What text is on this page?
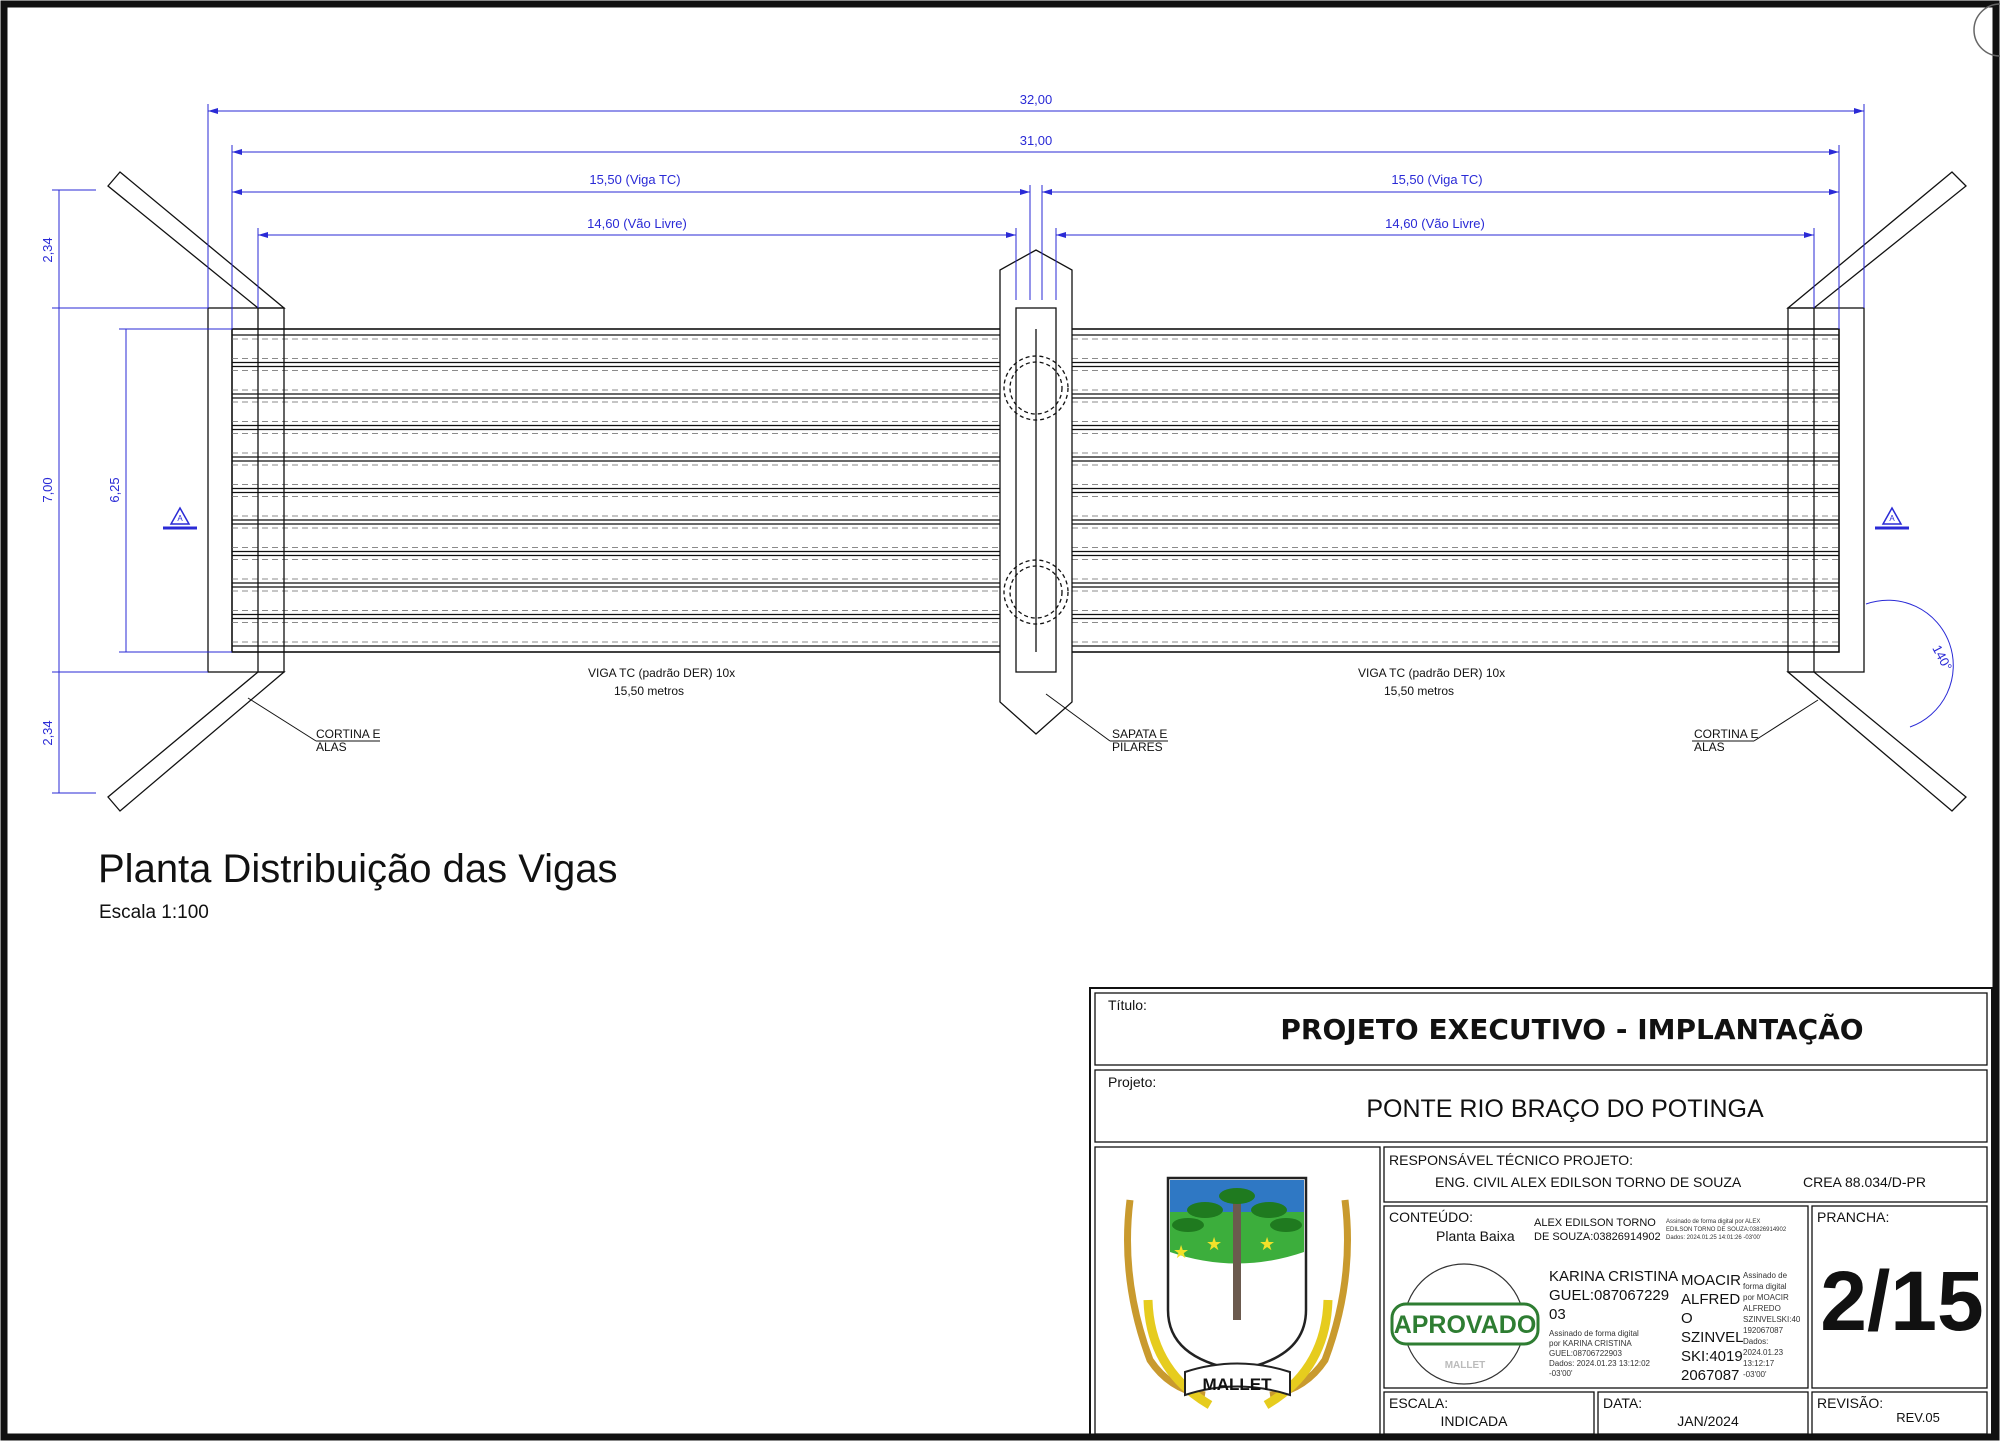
32,00
31,00
15,50 (Viga TC)	15,50 (Viga TC)
14,60 (Vão Livre)	14,60 (Vão Livre)
2,34
7,00	6,25
2,34
140°
A	A
VIGA TC (padrão DER) 10x
15,50 metros
VIGA TC (padrão DER) 10x
15,50 metros
CORTINA E
ALAS
SAPATA E
PILARES
CORTINA E
ALAS
Planta Distribuição das Vigas
Escala 1:100
Título:
PROJETO EXECUTIVO - IMPLANTAÇÃO
Projeto:
PONTE RIO BRAÇO DO POTINGA
RESPONSÁVEL TÉCNICO PROJETO:
ENG. CIVIL ALEX EDILSON TORNO DE SOUZA	CREA 88.034/D-PR
CONTEÚDO:
Planta Baixa
ALEX EDILSON TORNO
DE SOUZA:03826914902
Assinado de forma digital por ALEX
EDILSON TORNO DE SOUZA:03826914902
Dados: 2024.01.25 14:01:26 -03'00'
APROVADO
MALLET
KARINA CRISTINA
GUEL:087067229
03
Assinado de forma digital
por KARINA CRISTINA
GUEL:08706722903
Dados: 2024.01.23 13:12:02
-03'00'
MOACIR
ALFRED
O
SZINVEL
SKI:4019
2067087
Assinado de
forma digital
por MOACIR
ALFREDO
SZINVELSKI:40
192067087
Dados:
2024.01.23
13:12:17
-03'00'
PRANCHA:
2/15
ESCALA:
INDICADA
DATA:
JAN/2024
REVISÃO:
REV.05
★ ★ ★
MALLET
